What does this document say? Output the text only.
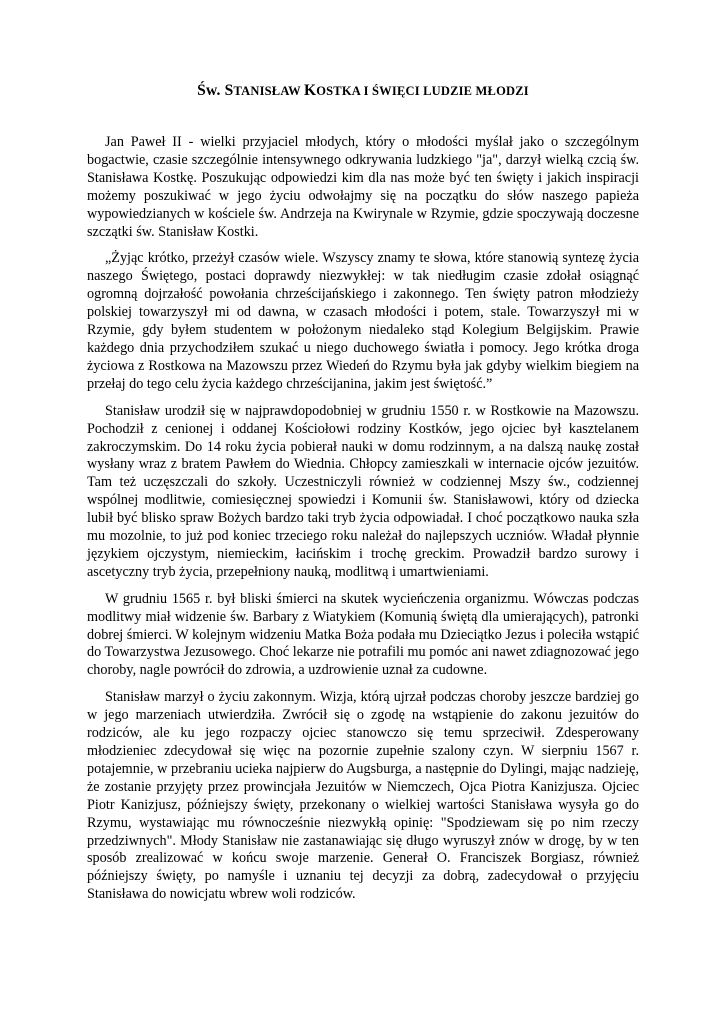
Św. STANISŁAW KOSTKA I ŚWIĘCI LUDZIE MŁODZI

Jan Paweł II - wielki przyjaciel młodych, który o młodości myślał jako o szczególnym bogactwie, czasie szczególnie intensywnego odkrywania ludzkiego "ja", darzył wielką czcią św. Stanisława Kostkę. Poszukując odpowiedzi kim dla nas może być ten święty i jakich inspiracji możemy poszukiwać w jego życiu odwołajmy się na początku do słów naszego papieża wypowiedzianych w kościele św. Andrzeja na Kwirynale w Rzymie, gdzie spoczywają doczesne szczątki św. Stanisław Kostki.

„Żyjąc krótko, przeżył czasów wiele. Wszyscy znamy te słowa, które stanowią syntezę życia naszego Świętego, postaci doprawdy niezwykłej: w tak niedługim czasie zdołał osiągnąć ogromną dojrzałość powołania chrześcijańskiego i zakonnego. Ten święty patron młodzieży polskiej towarzyszył mi od dawna, w czasach młodości i potem, stale. Towarzyszył mi w Rzymie, gdy byłem studentem w położonym niedaleko stąd Kolegium Belgijskim. Prawie każdego dnia przychodziłem szukać u niego duchowego światła i pomocy. Jego krótka droga życiowa z Rostkowa na Mazowszu przez Wiedeń do Rzymu była jak gdyby wielkim biegiem na przełaj do tego celu życia każdego chrześcijanina, jakim jest świętość.”

Stanisław urodził się w najprawdopodobniej w grudniu 1550 r. w Rostkowie na Mazowszu. Pochodził z cenionej i oddanej Kościołowi rodziny Kostków, jego ojciec był kasztelanem zakroczymskim. Do 14 roku życia pobierał nauki w domu rodzinnym, a na dalszą naukę został wysłany wraz z bratem Pawłem do Wiednia. Chłopcy zamieszkali w internacie ojców jezuitów. Tam też uczęszczali do szkoły. Uczestniczyli również w codziennej Mszy św., codziennej wspólnej modlitwie, comiesięcznej spowiedzi i Komunii św. Stanisławowi, który od dziecka lubił być blisko spraw Bożych bardzo taki tryb życia odpowiadał. I choć początkowo nauka szła mu mozolnie, to już pod koniec trzeciego roku należał do najlepszych uczniów. Władał płynnie językiem ojczystym, niemieckim, łacińskim i trochę greckim. Prowadził bardzo surowy i ascetyczny tryb życia, przepełniony nauką, modlitwą i umartwieniami.

W grudniu 1565 r. był bliski śmierci na skutek wycieńczenia organizmu. Wówczas podczas modlitwy miał widzenie św. Barbary z Wiatykiem (Komunią świętą dla umierających), patronki dobrej śmierci. W kolejnym widzeniu Matka Boża podała mu Dzieciątko Jezus i poleciła wstąpić do Towarzystwa Jezusowego. Choć lekarze nie potrafili mu pomóc ani nawet zdiagnozować jego choroby, nagle powrócił do zdrowia, a uzdrowienie uznał za cudowne.

Stanisław marzył o życiu zakonnym. Wizja, którą ujrzał podczas choroby jeszcze bardziej go w jego marzeniach utwierdziła. Zwrócił się o zgodę na wstąpienie do zakonu jezuitów do rodziców, ale ku jego rozpaczy ojciec stanowczo się temu sprzeciwił. Zdesperowany młodzieniec zdecydował się więc na pozornie zupełnie szalony czyn. W sierpniu 1567 r. potajemnie, w przebraniu ucieka najpierw do Augsburga, a następnie do Dylingi, mając nadzieję, że zostanie przyjęty przez prowincjała Jezuitów w Niemczech, Ojca Piotra Kanizjusza. Ojciec Piotr Kanizjusz, późniejszy święty, przekonany o wielkiej wartości Stanisława wysyła go do Rzymu, wystawiając mu równocześnie niezwykłą opinię: "Spodziewam się po nim rzeczy przedziwnych". Młody Stanisław nie zastanawiając się długo wyruszył znów w drogę, by w ten sposób zrealizować w końcu swoje marzenie. Generał O. Franciszek Borgiasz, również późniejszy święty, po namyśle i uznaniu tej decyzji za dobrą, zadecydował o przyjęciu Stanisława do nowicjatu wbrew woli rodziców.
